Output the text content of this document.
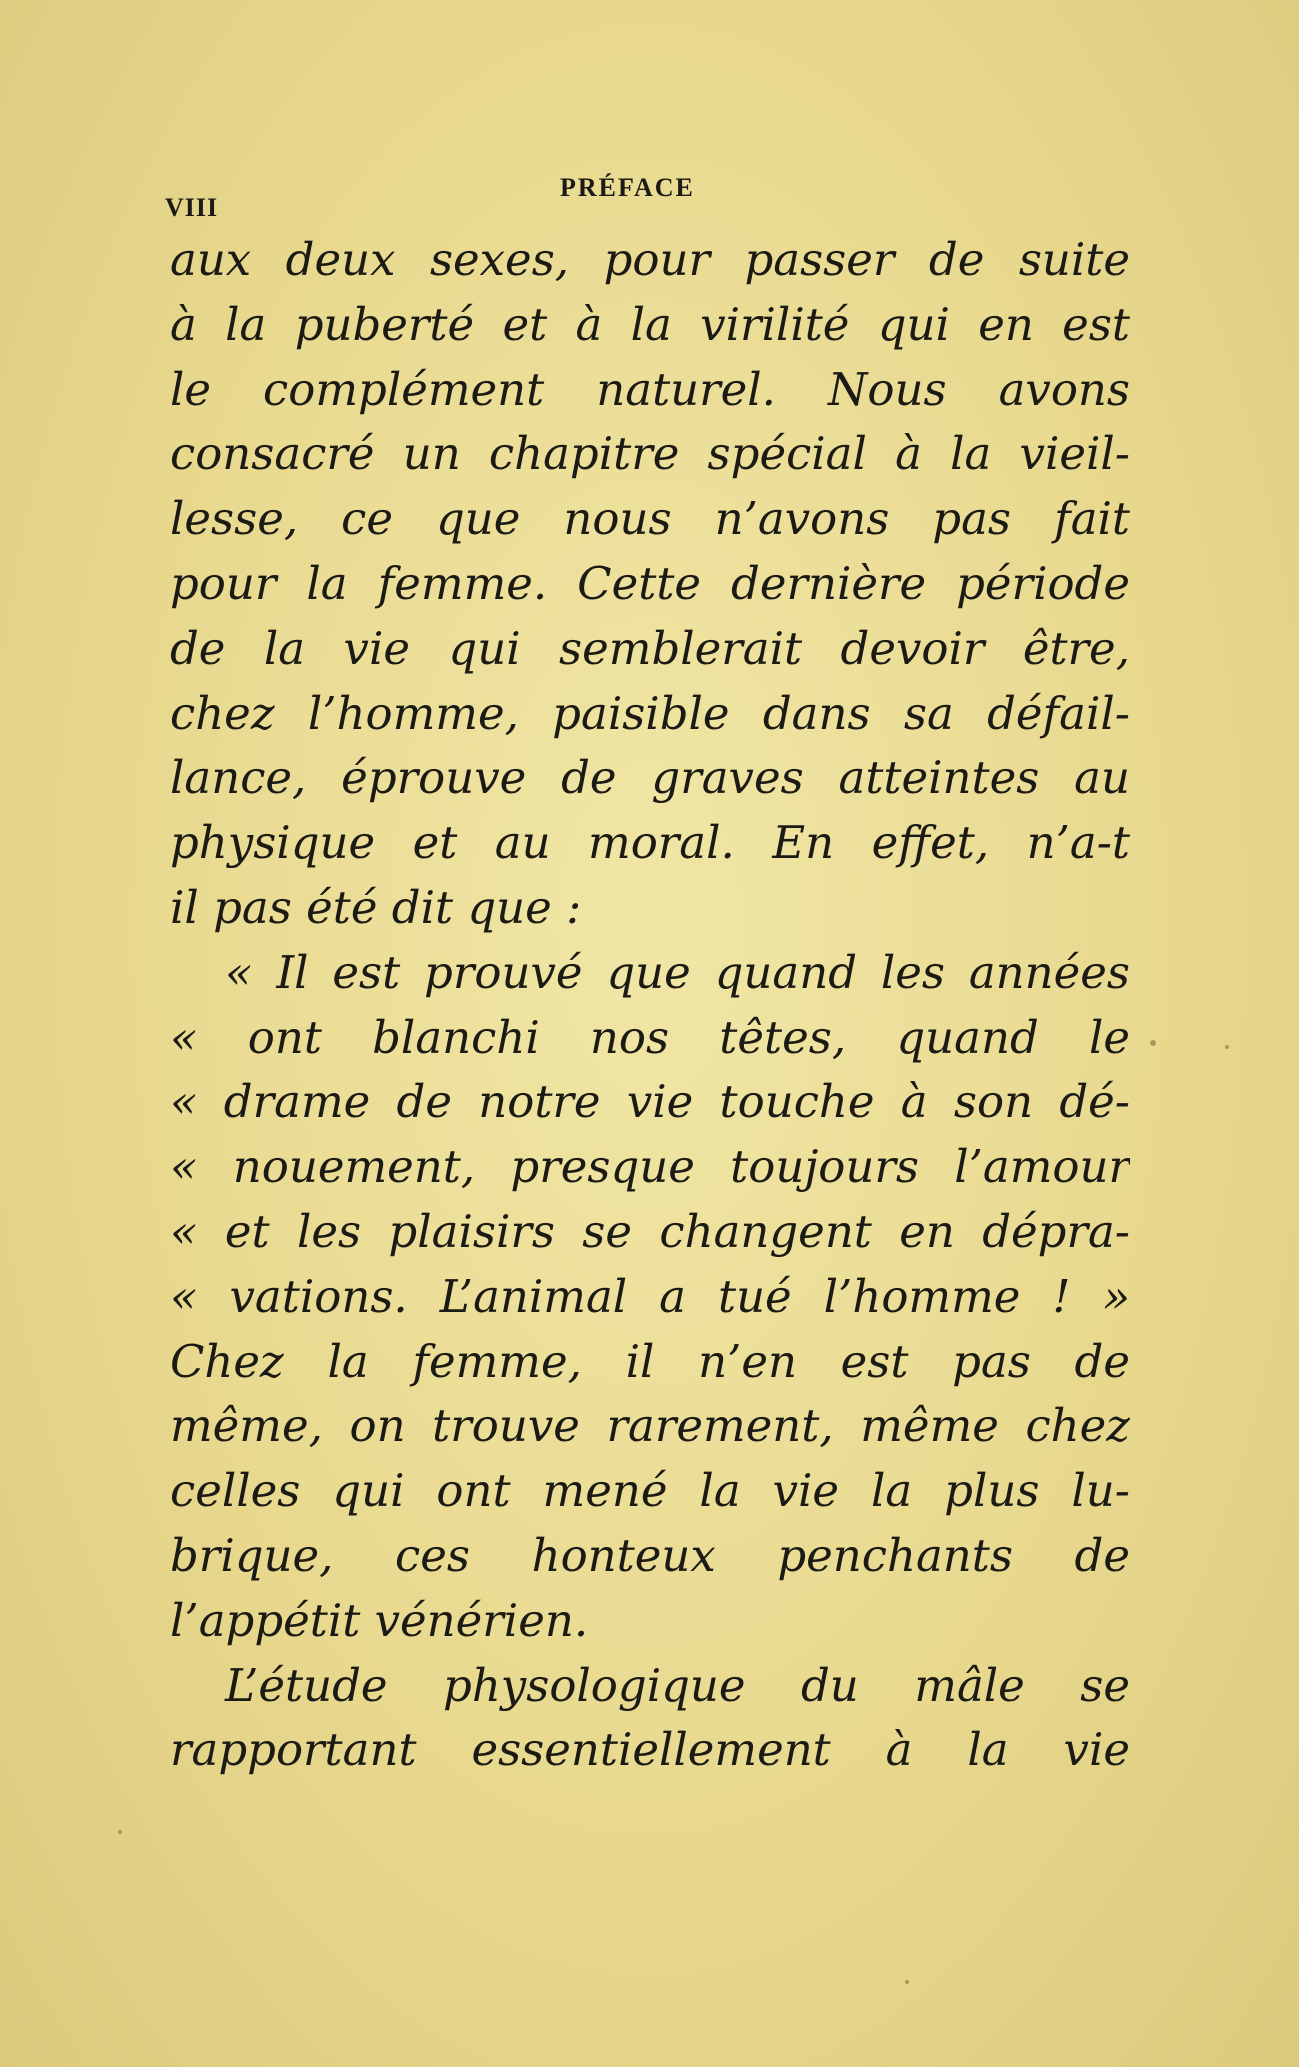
VIII
PRÉFACE
aux deux sexes, pour passer de suite
à la puberté et à la virilité qui en est
le complément naturel. Nous avons
consacré un chapitre spécial à la vieil-
lesse, ce que nous n’avons pas fait
pour la femme. Cette dernière période
de la vie qui semblerait devoir être,
chez l’homme, paisible dans sa défail-
lance, éprouve de graves atteintes au
physique et au moral. En effet, n’a-t
il pas été dit que :
« Il est prouvé que quand les années
« ont blanchi nos têtes, quand le
« drame de notre vie touche à son dé-
« nouement, presque toujours l’amour
« et les plaisirs se changent en dépra-
« vations. L’animal a tué l’homme ! »
Chez la femme, il n’en est pas de
même, on trouve rarement, même chez
celles qui ont mené la vie la plus lu-
brique, ces honteux penchants de
l’appétit vénérien.
L’étude physologique du mâle se
rapportant essentiellement à la vie
